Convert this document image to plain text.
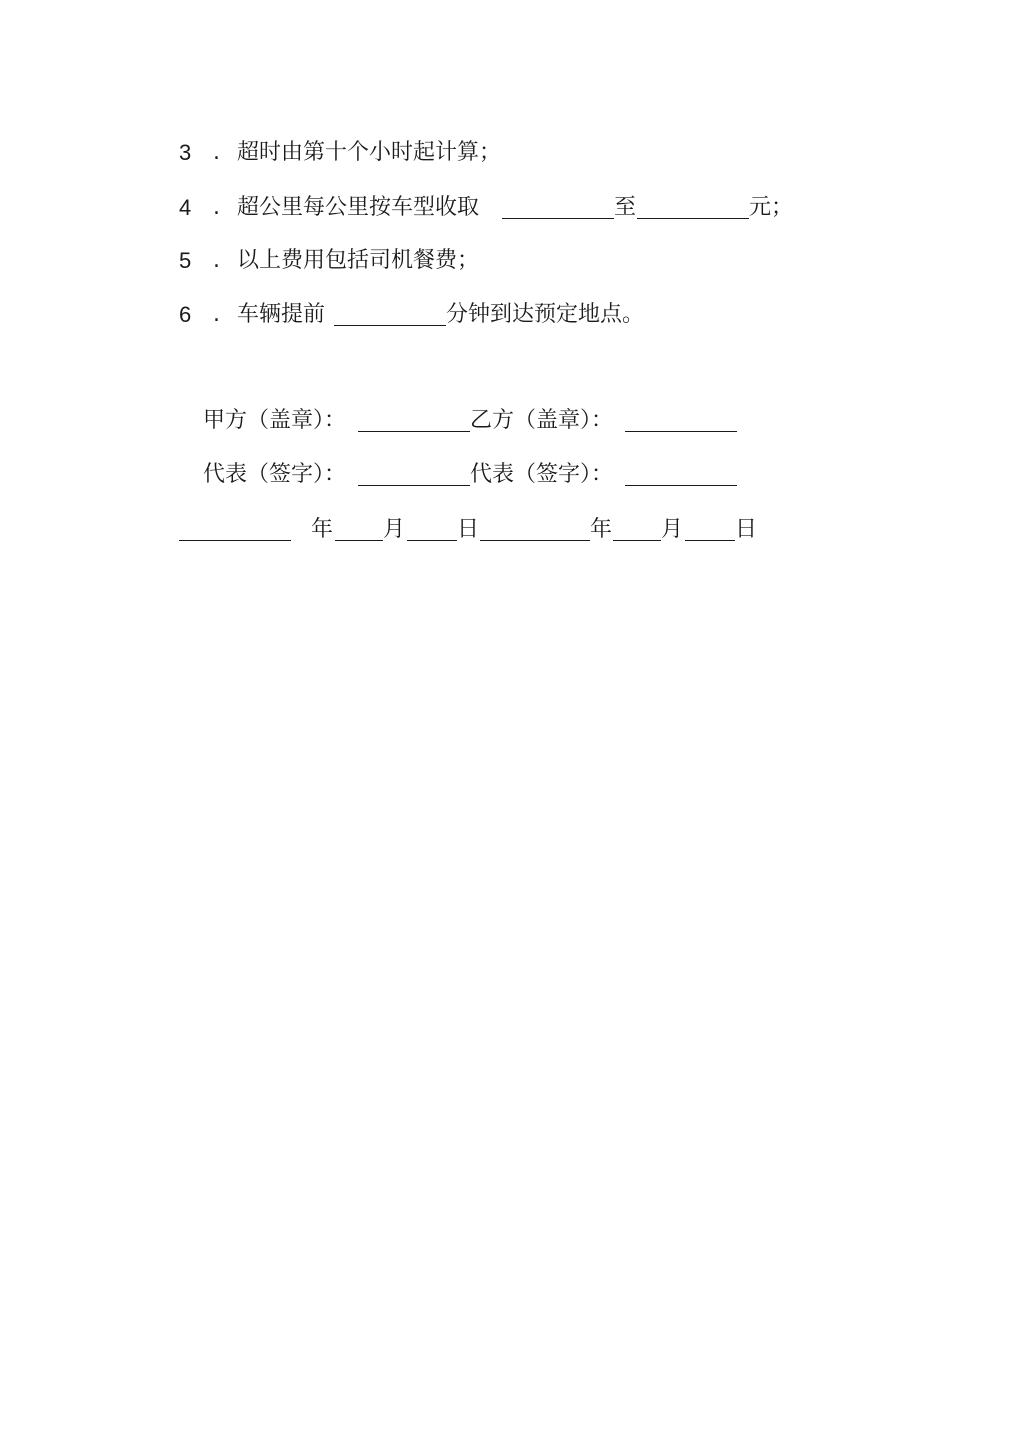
3 . 超时由第十个小时起计算；
4 . 超公里每公里按车型收取	至	元；
5 . 以上费用包括司机餐费；
6 . 车辆提前	分钟到达预定地点。
甲方（盖章）：	乙方（盖章）：
代表（签字）：	代表（签字）：
年 月 日	年 月 日
